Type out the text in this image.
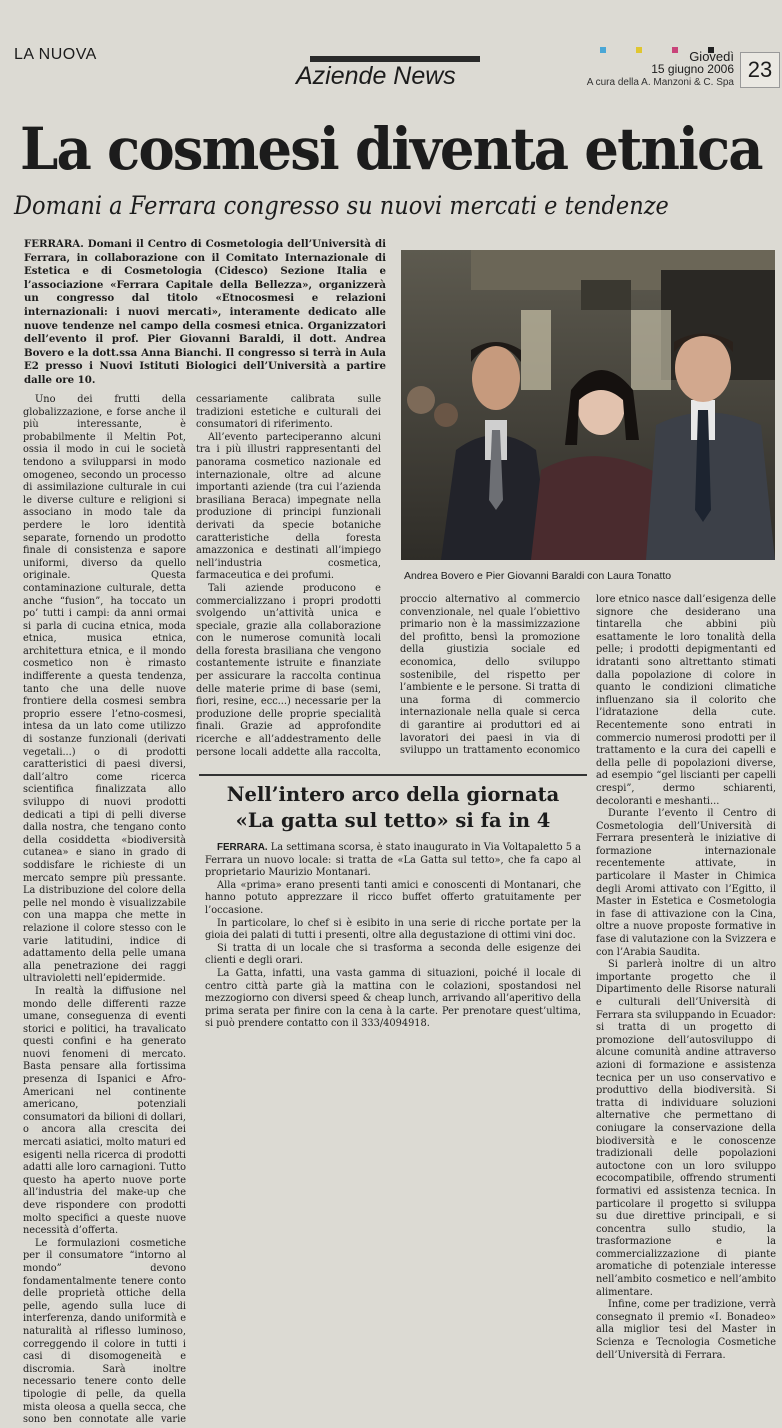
LA NUOVA
Aziende News
Giovedì
15 giugno 2006
A cura della A. Manzoni & C. Spa
23
La cosmesi diventa etnica
Domani a Ferrara congresso su nuovi mercati e tendenze
FERRARA. Domani il Centro di Cosmetologia dell’Università di Ferrara, in collaborazione con il Comitato Internazionale di Estetica e di Cosmetologia (Cidesco) Sezione Italia e l’associazione «Ferrara Capitale della Bellezza», organizzerà un congresso dal titolo «Etnocosmesi e relazioni internazionali: i nuovi mercati», interamente dedicato alle nuove tendenze nel campo della cosmesi etnica. Organizzatori dell’evento il prof. Pier Giovanni Baraldi, il dott. Andrea Bovero e la dott.ssa Anna Bianchi. Il congresso si terrà in Aula E2 presso i Nuovi Istituti Biologici dell’Università a partire dalle ore 10.
Andrea Bovero e Pier Giovanni Baraldi con Laura Tonatto

Uno dei frutti della globalizzazione, e forse anche il più interessante, è probabilmente il Meltin Pot, ossia il modo in cui le società tendono a svilupparsi in modo omogeneo, secondo un processo di assimilazione culturale in cui le diverse culture e religioni si associano in modo tale da perdere le loro identità separate, fornendo un prodotto finale di consistenza e sapore uniformi, diverso da quello originale. Questa contaminazione culturale, detta anche “fusion”, ha toccato un po’ tutti i campi: da anni ormai si parla di cucina etnica, moda etnica, musica etnica, architettura etnica, e il mondo cosmetico non è rimasto indifferente a questa tendenza, tanto che una delle nuove frontiere della cosmesi sembra proprio essere l’etno-cosmesi, intesa da un lato come utilizzo di sostanze funzionali (derivati vegetali...) o di prodotti caratteristici di paesi diversi, dall’altro come ricerca scientifica finalizzata allo sviluppo di nuovi prodotti dedicati a tipi di pelli diverse dalla nostra, che tengano conto della cosiddetta «biodiversità cutanea» e siano in grado di soddisfare le richieste di un mercato sempre più pressante. La distribuzione del colore della pelle nel mondo è visualizzabile con una mappa che mette in relazione il colore stesso con le varie latitudini, indice di adattamento della pelle umana alla penetrazione dei raggi ultravioletti nell’epidermide.

In realtà la diffusione nel mondo delle differenti razze umane, conseguenza di eventi storici e politici, ha travalicato questi confini e ha generato nuovi fenomeni di mercato. Basta pensare alla fortissima presenza di Ispanici e Afro-Americani nel continente americano, potenziali consumatori da bilioni di dollari, o ancora alla crescita dei mercati asiatici, molto maturi ed esigenti nella ricerca di prodotti adatti alle loro carnagioni. Tutto questo ha aperto nuove porte all’industria del make-up che deve rispondere con prodotti molto specifici a queste nuove necessità d’offerta.

Le formulazioni cosmetiche per il consumatore “intorno al mondo” devono fondamentalmente tenere conto delle proprietà ottiche della pelle, agendo sulla luce di interferenza, dando uniformità e naturalità al riflesso luminoso, correggendo il colore in tutti i casi di disomogeneità e discromia. Sarà inoltre necessario tenere conto delle tipologie di pelle, da quella mista oleosa a quella secca, che sono ben connotate alle varie

cessariamente calibrata sulle tradizioni estetiche e culturali dei consumatori di riferimento.

All’evento parteciperanno alcuni tra i più illustri rappresentanti del panorama cosmetico nazionale ed internazionale, oltre ad alcune importanti aziende (tra cui l’azienda brasiliana Beraca) impegnate nella produzione di principi funzionali derivati da specie botaniche caratteristiche della foresta amazzonica e destinati all’impiego nell’industria cosmetica, farmaceutica e dei profumi.

Tali aziende producono e commercializzano i propri prodotti svolgendo un’attività unica e speciale, grazie alla collaborazione con le numerose comunità locali della foresta brasiliana che vengono costantemente istruite e finanziate per assicurare la raccolta continua delle materie prime di base (semi, fiori, resine, ecc...) necessarie per la produzione delle proprie specialità finali. Grazie ad approfondite ricerche e all’addestramento delle persone locali addette alla raccolta,

proccio alternativo al commercio convenzionale, nel quale l’obiettivo primario non è la massimizzazione del profitto, bensì la promozione della giustizia sociale ed economica, dello sviluppo sostenibile, del rispetto per l’ambiente e le persone. Si tratta di una forma di commercio internazionale nella quale si cerca di garantire ai produttori ed ai lavoratori dei paesi in via di sviluppo un trattamento economico

lore etnico nasce dall’esigenza delle signore che desiderano una tintarella che abbini più esattamente le loro tonalità della pelle; i prodotti depigmentanti ed idratanti sono altrettanto stimati dalla popolazione di colore in quanto le condizioni climatiche influenzano sia il colorito che l’idratazione della cute. Recentemente sono entrati in commercio numerosi prodotti per il trattamento e la cura dei capelli e della pelle di popolazioni diverse, ad esempio “gel liscianti per capelli crespi”, dermo schiarenti, decoloranti e meshanti...

Durante l’evento il Centro di Cosmetologia dell’Università di Ferrara presenterà le iniziative di formazione internazionale recentemente attivate, in particolare il Master in Chimica degli Aromi attivato con l’Egitto, il Master in Estetica e Cosmetologia in fase di attivazione con la Cina, oltre a nuove proposte formative in fase di valutazione con la Svizzera e con l’Arabia Saudita.

Si parlerà inoltre di un altro importante progetto che il Dipartimento delle Risorse naturali e culturali dell’Università di Ferrara sta sviluppando in Ecuador: si tratta di un progetto di promozione dell’autosviluppo di alcune comunità andine attraverso azioni di formazione e assistenza tecnica per un uso conservativo e produttivo della biodiversità. Si tratta di individuare soluzioni alternative che permettano di coniugare la conservazione della biodiversità e le conoscenze tradizionali delle popolazioni autoctone con un loro sviluppo ecocompatibile, offrendo strumenti formativi ed assistenza tecnica. In particolare il progetto si sviluppa su due direttive principali, e si concentra sullo studio, la trasformazione e la commercializzazione di piante aromatiche di potenziale interesse nell’ambito cosmetico e nell’ambito alimentare.

Infine, come per tradizione, verrà consegnato il premio «I. Bonadeo» alla miglior tesi del Master in Scienza e Tecnologia Cosmetiche dell’Università di Ferrara.

Nell’intero arco della giornata
«La gatta sul tetto» si fa in 4

FERRARA. La settimana scorsa, è stato inaugurato in Via Voltapaletto 5 a Ferrara un nuovo locale: si tratta de «La Gatta sul tetto», che fa capo al proprietario Maurizio Montanari.

Alla «prima» erano presenti tanti amici e conoscenti di Montanari, che hanno potuto apprezzare il ricco buffet offerto gratuitamente per l’occasione.

In particolare, lo chef si è esibito in una serie di ricche portate per la gioia dei palati di tutti i presenti, oltre alla degustazione di ottimi vini doc.

Si tratta di un locale che si trasforma a seconda delle esigenze dei clienti e degli orari.

La Gatta, infatti, una vasta gamma di situazioni, poiché il locale di centro città parte già la mattina con le colazioni, spostandosi nel mezzogiorno con diversi speed & cheap lunch, arrivando all’aperitivo della prima serata per finire con la cena à la carte. Per prenotare quest’ultima, si può prendere contatto con il 333/4094918.
